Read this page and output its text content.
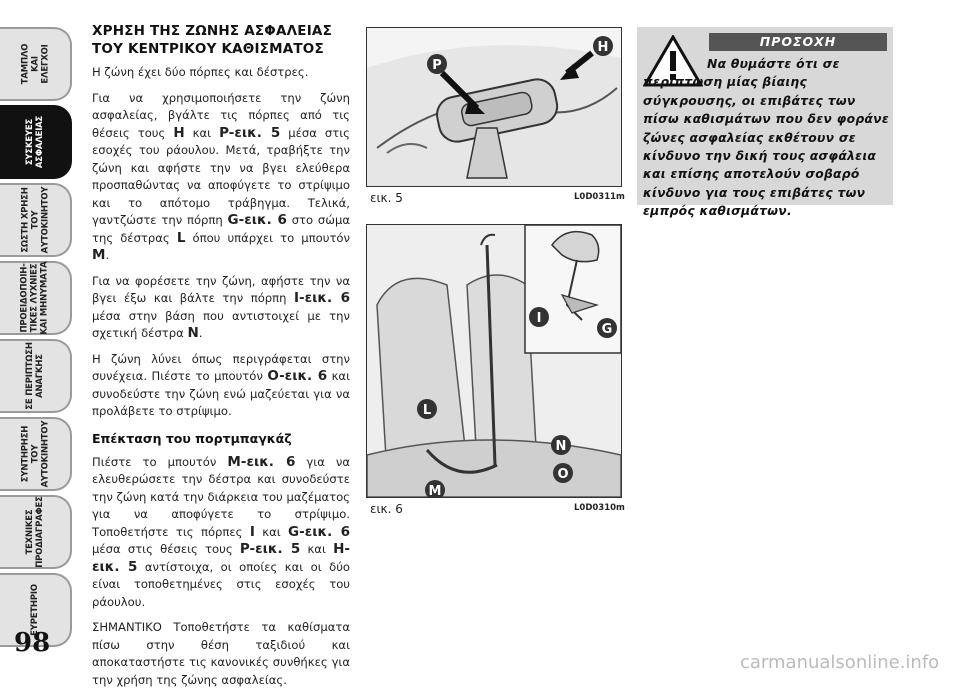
ΤΑΜΠΛΟ
ΚΑΙ
ΕΛΕΓΧΟΙ
ΣΥΣΚΕΥΕΣ
ΑΣΦΑΛΕΙΑΣ
ΣΩΣΤΗ ΧΡΗΣΗ
ΤΟΥ
ΑΥΤΟΚΙΝΗΤΟΥ
ΠΡΟΕΙΔΟΠΟΙΗ-
ΤΙΚΕΣ ΛΥΧΝΙΕΣ
ΚΑΙ ΜΗΝΥΜΑΤΑ
ΣΕ ΠΕΡΙΠΤΩΣΗ
ΑΝΑΓΚΗΣ
ΣΥΝΤΗΡΗΣΗ
ΤΟΥ
ΑΥΤΟΚΙΝΗΤΟΥ
ΤΕΧΝΙΚΕΣ
ΠΡΟΔΙΑΓΡΑΦΕΣ
ΕΥΡΕΤΗΡΙΟ
98
ΧΡΗΣΗ ΤΗΣ ΖΩΝΗΣ ΑΣΦΑΛΕΙΑΣ ΤΟΥ ΚΕΝΤΡΙΚΟΥ ΚΑΘΙΣΜΑΤΟΣ
Η ζώνη έχει δύο πόρπες και δέστρες.
Για να χρησιμοποιήσετε την ζώνη ασφαλείας, βγάλτε τις πόρπες από τις θέσεις τους H και P-εικ. 5 μέσα στις εσοχές του ράουλου. Μετά, τραβήξτε την ζώνη και αφήστε την να βγει ελεύθερα προσπαθώντας να αποφύγετε το στρίψιμο και το απότομο τράβηγμα. Τελικά, γαντζώστε την πόρπη G-εικ. 6 στο σώμα της δέστρας L όπου υπάρχει το μπουτόν M.
Για να φορέσετε την ζώνη, αφήστε την να βγει έξω και βάλτε την πόρπη I-εικ. 6 μέσα στην βάση που αντιστοιχεί με την σχετική δέστρα N.
Η ζώνη λύνει όπως περιγράφεται στην συνέχεια. Πιέστε το μπουτόν O-εικ. 6 και συνοδεύστε την ζώνη ενώ μαζεύεται για να προλάβετε το στρίψιμο.
Επέκταση του πορτμπαγκάζ
Πιέστε το μπουτόν M-εικ. 6 για να ελευθερώσετε την δέστρα και συνοδεύστε την ζώνη κατά την διάρκεια του μαζέματος για να αποφύγετε το στρίψιμο. Τοποθετήστε τις πόρπες I και G-εικ. 6 μέσα στις θέσεις τους P-εικ. 5 και H-εικ. 5 αντίστοιχα, οι οποίες και οι δύο είναι τοποθετημένες στις εσοχές του ράουλου.
ΣΗΜΑΝΤΙΚΟ Τοποθετήστε τα καθίσματα πίσω στην θέση ταξιδιού και αποκαταστήστε τις κανονικές συνθήκες για την χρήση της ζώνης ασφαλείας.
P
H
εικ. 5	L0D0311m
I
G
L
N
O
M
εικ. 6	L0D0310m
ΠΡΟΣΟΧΗ
Να θυμάστε ότι σε περίπτωση μίας βίαιης σύγκρουσης, οι επιβάτες των πίσω καθισμάτων που δεν φοράνε ζώνες ασφαλείας εκθέτουν σε κίνδυνο την δική τους ασφάλεια και επίσης αποτελούν σοβαρό κίνδυνο για τους επιβάτες των εμπρός καθισμάτων.
carmanualsonline.info
